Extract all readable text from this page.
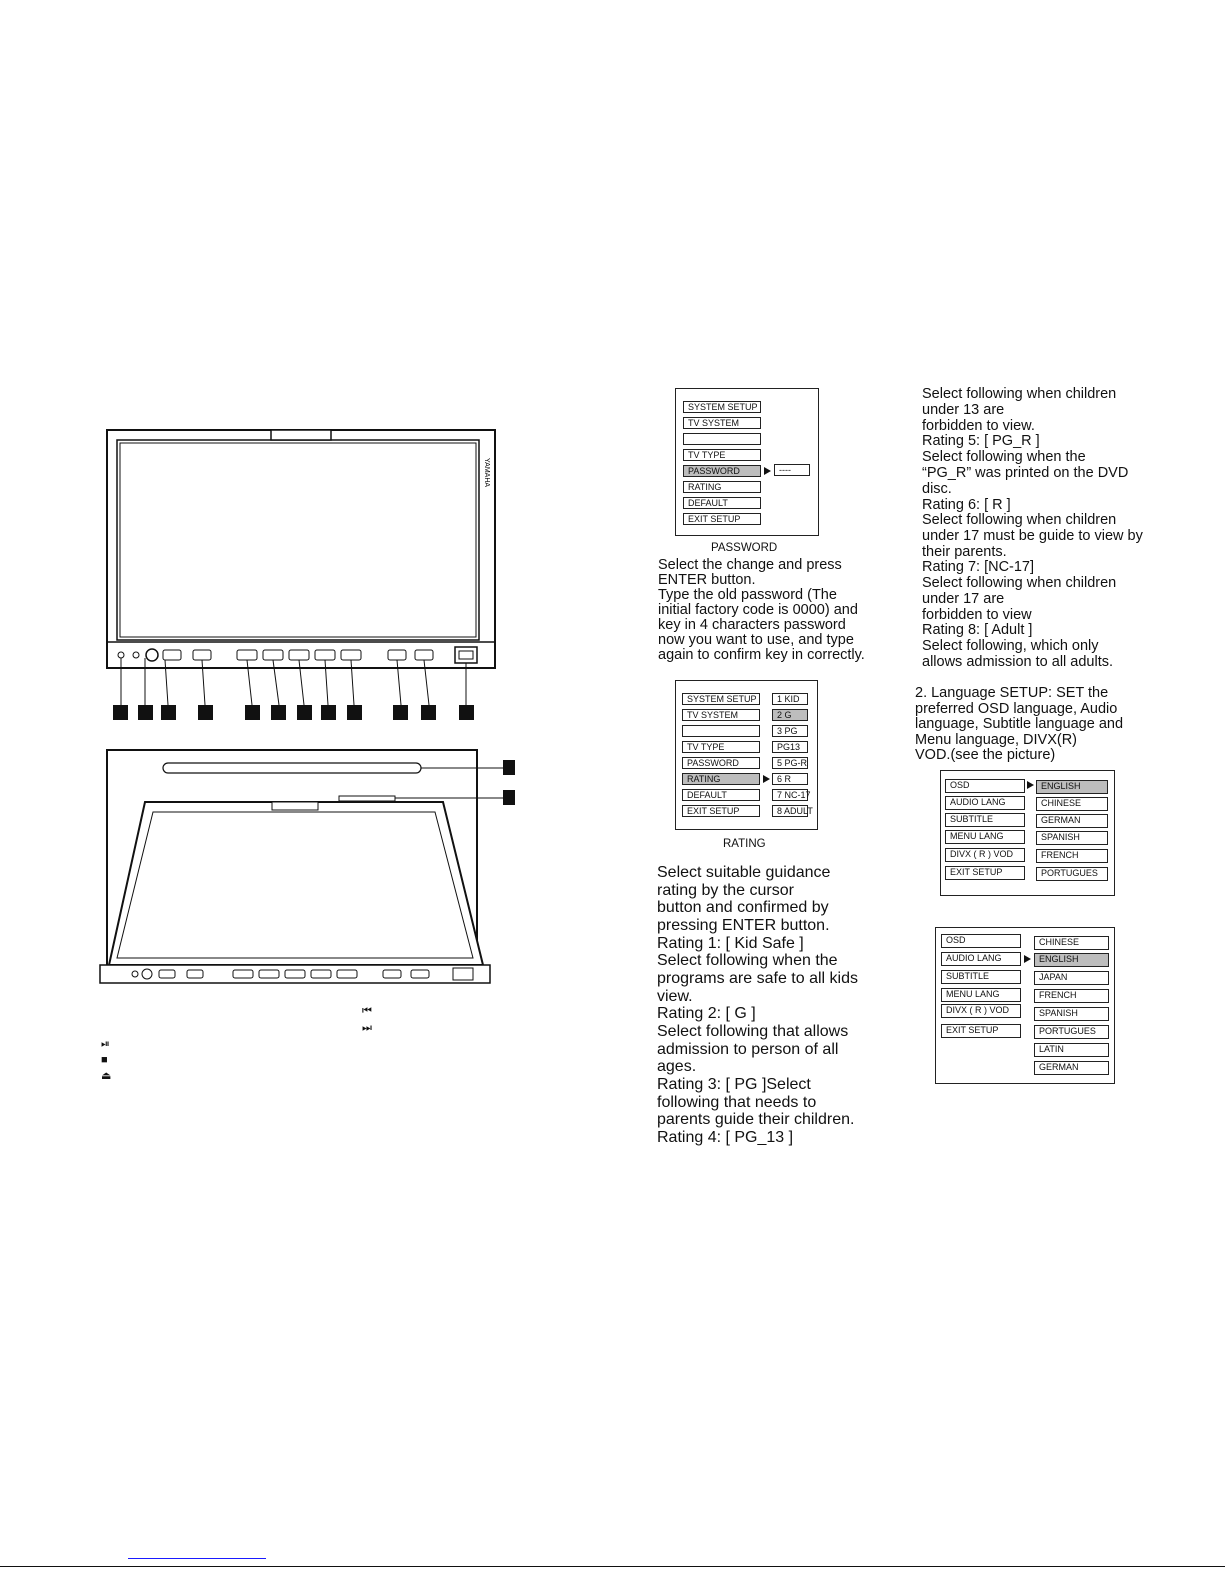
YAMAHA
⏮
⏭
⏯
■
⏏
SYSTEM SETUP
TV SYSTEM
TV TYPE
PASSWORD
RATING
DEFAULT
EXIT SETUP
----
PASSWORD
Select the change and press
ENTER button.
Type the old password (The
initial factory code is 0000) and
key in 4 characters password
now you want to use, and type
again to confirm key in correctly.
SYSTEM SETUP
TV SYSTEM
TV TYPE
PASSWORD
RATING
DEFAULT
EXIT SETUP
1 KID
2 G
3 PG
PG13
5 PG-R
6 R
7 NC-17
8 ADULT
RATING
Select suitable guidance
rating by the cursor
button and confirmed by
pressing ENTER button.
Rating 1: [ Kid Safe ]
Select following when the
programs are safe to all kids
view.
Rating 2: [ G ]
Select following that allows
admission to person of all
ages.
Rating 3: [ PG ]Select
following that needs to
parents guide their children.
Rating 4: [ PG_13 ]
Select following when children
under 13 are
forbidden to view.
Rating 5: [ PG_R ]
Select following when the
“PG_R” was printed on the DVD
disc.
Rating 6: [ R ]
Select following when children
under 17 must be guide to view by
their parents.
Rating 7: [NC-17]
Select following when children
under 17 are
forbidden to view
Rating 8: [ Adult ]
Select following, which only
allows admission to all adults.
2. Language SETUP: SET the
preferred OSD language, Audio
language, Subtitle language and
Menu language, DIVX(R)
VOD.(see the picture)
OSD
AUDIO LANG
SUBTITLE
MENU LANG
DIVX ( R ) VOD
EXIT SETUP
ENGLISH
CHINESE
GERMAN
SPANISH
FRENCH
PORTUGUES
OSD
AUDIO LANG
SUBTITLE
MENU LANG
DIVX ( R ) VOD
EXIT SETUP
CHINESE
ENGLISH
JAPAN
FRENCH
SPANISH
PORTUGUES
LATIN
GERMAN
